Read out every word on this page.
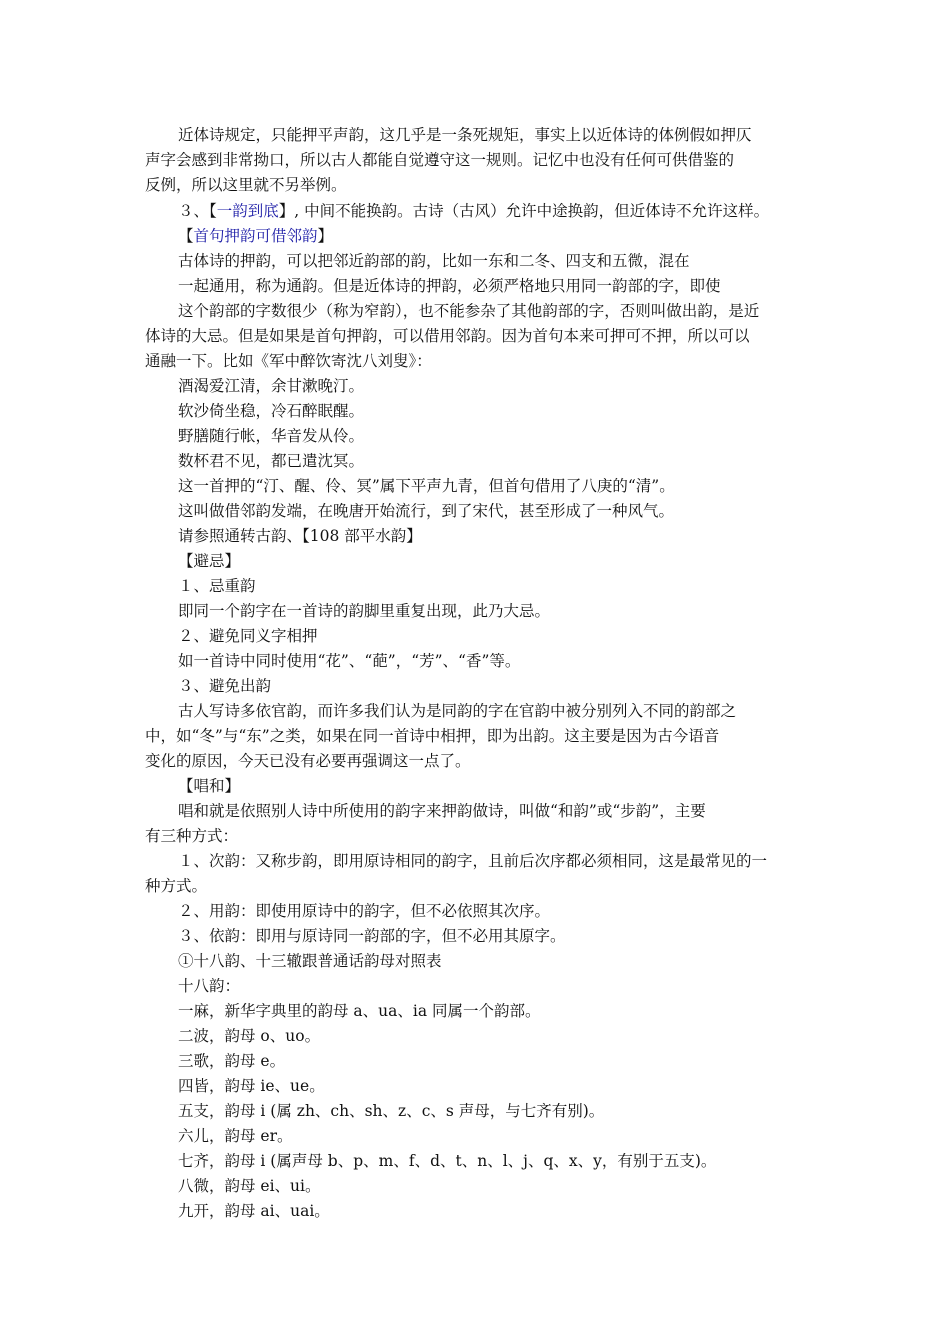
近体诗规定，只能押平声韵，这几乎是一条死规矩，事实上以近体诗的体例假如押仄
声字会感到非常拗口，所以古人都能自觉遵守这一规则。记忆中也没有任何可供借鉴的
反例，所以这里就不另举例。
３、【一韵到底】, 中间不能换韵。古诗（古风）允许中途换韵，但近体诗不允许这样。
【首句押韵可借邻韵】
古体诗的押韵，可以把邻近韵部的韵，比如一东和二冬、四支和五微，混在
一起通用，称为通韵。但是近体诗的押韵，必须严格地只用同一韵部的字，即使
这个韵部的字数很少（称为窄韵），也不能参杂了其他韵部的字，否则叫做出韵，是近
体诗的大忌。但是如果是首句押韵，可以借用邻韵。因为首句本来可押可不押，所以可以
通融一下。比如《军中醉饮寄沈八刘叟》：
酒渴爱江清，余甘漱晚汀。
软沙倚坐稳，冷石醉眠醒。
野膳随行帐，华音发从伶。
数杯君不见，都已遣沈冥。
这一首押的“汀、醒、伶、冥”属下平声九青，但首句借用了八庚的“清”。
这叫做借邻韵发端，在晚唐开始流行，到了宋代，甚至形成了一种风气。
请参照通转古韵、【108 部平水韵】
【避忌】
１、忌重韵
即同一个韵字在一首诗的韵脚里重复出现，此乃大忌。
２、避免同义字相押
如一首诗中同时使用“花”、“葩”，“芳”、“香”等。
３、避免出韵
古人写诗多依官韵，而许多我们认为是同韵的字在官韵中被分别列入不同的韵部之
中，如“冬”与“东”之类，如果在同一首诗中相押，即为出韵。这主要是因为古今语音
变化的原因，今天已没有必要再强调这一点了。
【唱和】
唱和就是依照别人诗中所使用的韵字来押韵做诗，叫做“和韵”或“步韵”，主要
有三种方式：
１、次韵：又称步韵，即用原诗相同的韵字，且前后次序都必须相同，这是最常见的一
种方式。
２、用韵：即使用原诗中的韵字，但不必依照其次序。
３、依韵：即用与原诗同一韵部的字，但不必用其原字。
①十八韵、十三辙跟普通话韵母对照表
十八韵：
一麻，新华字典里的韵母 a、ua、ia 同属一个韵部。
二波，韵母 o、uo。
三歌，韵母 e。
四皆，韵母 ie、ue。
五支，韵母 i (属 zh、ch、sh、z、c、s 声母，与七齐有别)。
六儿，韵母 er。
七齐，韵母 i (属声母 b、p、m、f、d、t、n、l、j、q、x、y，有别于五支)。
八微，韵母 ei、ui。
九开，韵母 ai、uai。
